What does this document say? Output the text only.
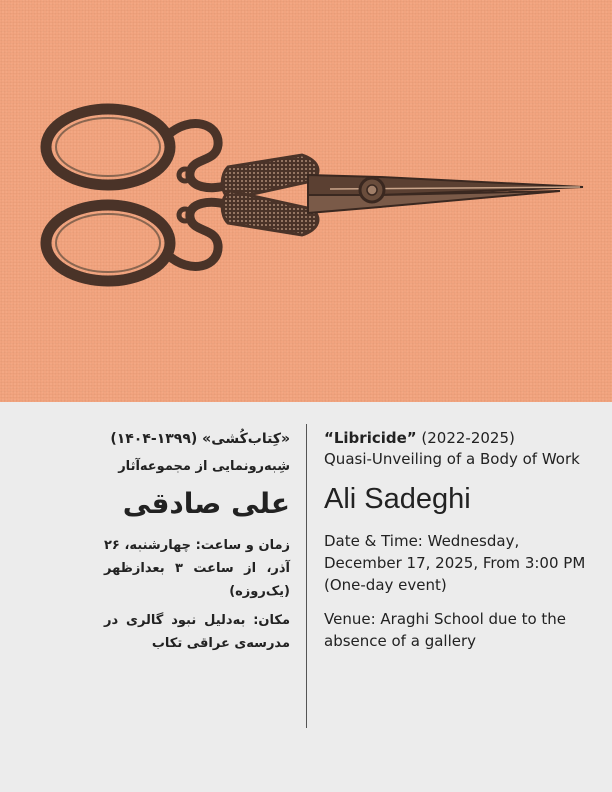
«کِتاب‌کُشی» (۱۳۹۹-۱۴۰۴)
شِبه‌رونمایی از مجموعه‌آثار
علی صادقی
زمان و ساعت: چهارشنبه، ۲۶ آذر، از ساعت ۳ بعدازظهر (یک‌روزه)
مکان: به‌دلیل نبود گالری در مدرسه‌ی عراقی تکاب
“Libricide” (2022-2025)
Quasi-Unveiling of a Body of Work
Ali Sadeghi
Date & Time: Wednesday, December 17, 2025, From 3:00 PM (One-day event)
Venue: Araghi School due to the absence of a gallery
